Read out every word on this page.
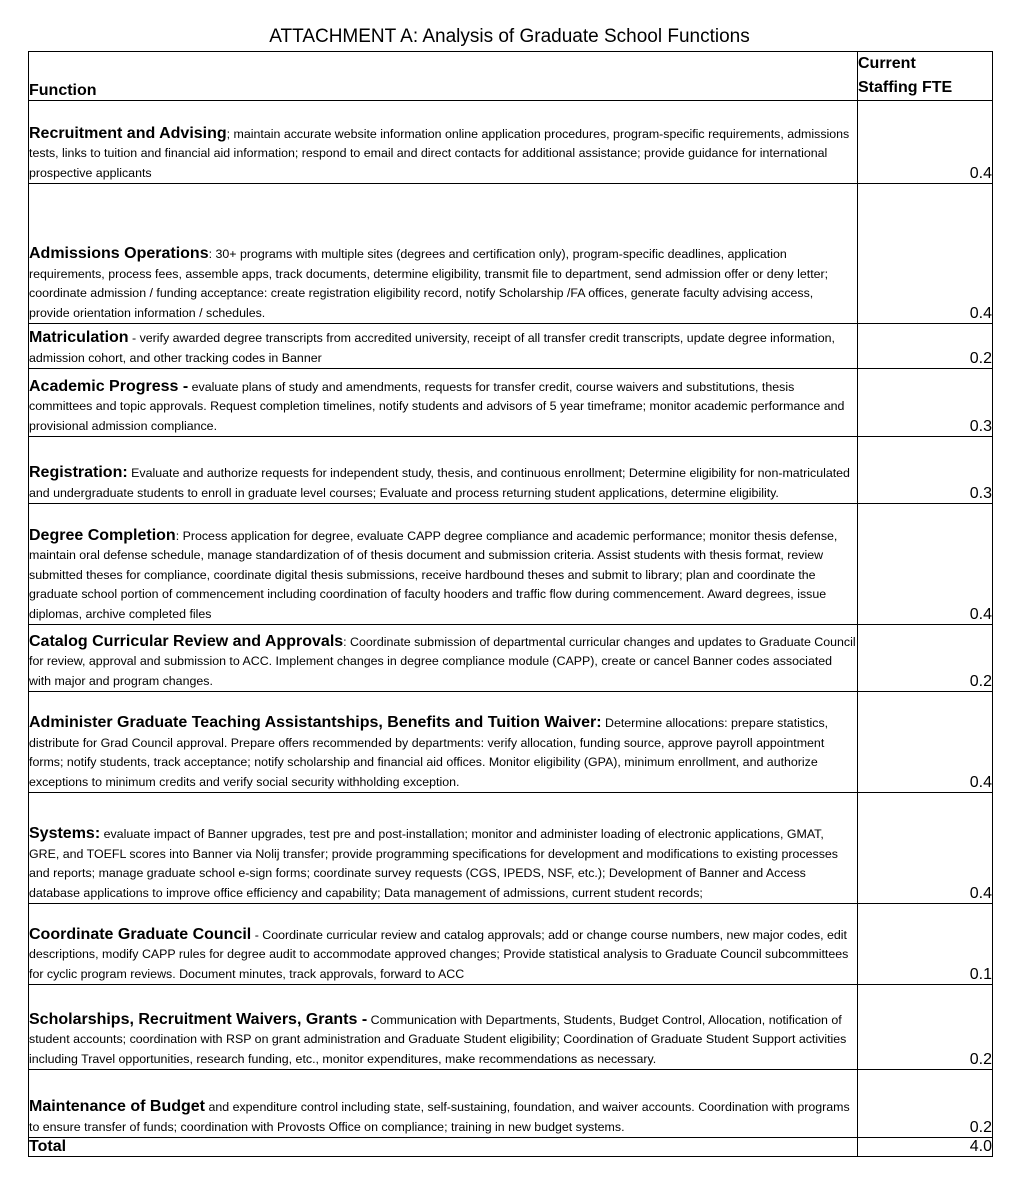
ATTACHMENT A: Analysis of Graduate School Functions
Function	Current
Staffing FTE

Recruitment and Advising; maintain accurate website information online application procedures, program-specific requirements, admissions tests, links to tuition and financial aid information; respond to email and direct contacts for additional assistance; provide guidance for international prospective applicants	0.4
Admissions Operations: 30+ programs with multiple sites (degrees and certification only), program-specific deadlines, application requirements, process fees, assemble apps, track documents, determine eligibility, transmit file to department, send admission offer or deny letter; coordinate admission / funding acceptance: create registration eligibility record, notify Scholarship /FA offices, generate faculty advising access, provide orientation information / schedules.	0.4
Matriculation - verify awarded degree transcripts from accredited university, receipt of all transfer credit transcripts, update degree information, admission cohort, and other tracking codes in Banner	0.2
Academic Progress - evaluate plans of study and amendments, requests for transfer credit, course waivers and substitutions, thesis committees and topic approvals. Request completion timelines, notify students and advisors of 5 year timeframe; monitor academic performance and provisional admission compliance.	0.3
Registration: Evaluate and authorize requests for independent study, thesis, and continuous enrollment; Determine eligibility for non-matriculated and undergraduate students to enroll in graduate level courses; Evaluate and process returning student applications, determine eligibility.	0.3
Degree Completion: Process application for degree, evaluate CAPP degree compliance and academic performance; monitor thesis defense, maintain oral defense schedule, manage standardization of of thesis document and submission criteria. Assist students with thesis format, review submitted theses for compliance, coordinate digital thesis submissions, receive hardbound theses and submit to library; plan and coordinate the graduate school portion of commencement including coordination of faculty hooders and traffic flow during commencement. Award degrees, issue diplomas, archive completed files	0.4
Catalog Curricular Review and Approvals: Coordinate submission of departmental curricular changes and updates to Graduate Council for review, approval and submission to ACC. Implement changes in degree compliance module (CAPP), create or cancel Banner codes associated with major and program changes.	0.2
Administer Graduate Teaching Assistantships, Benefits and Tuition Waiver: Determine allocations: prepare statistics, distribute for Grad Council approval. Prepare offers recommended by departments: verify allocation, funding source, approve payroll appointment forms; notify students, track acceptance; notify scholarship and financial aid offices. Monitor eligibility (GPA), minimum enrollment, and authorize exceptions to minimum credits and verify social security withholding exception.	0.4
Systems: evaluate impact of Banner upgrades, test pre and post-installation; monitor and administer loading of electronic applications, GMAT, GRE, and TOEFL scores into Banner via Nolij transfer; provide programming specifications for development and modifications to existing processes and reports; manage graduate school e-sign forms; coordinate survey requests (CGS, IPEDS, NSF, etc.); Development of Banner and Access database applications to improve office efficiency and capability; Data management of admissions, current student records;	0.4
Coordinate Graduate Council - Coordinate curricular review and catalog approvals; add or change course numbers, new major codes, edit descriptions, modify CAPP rules for degree audit to accommodate approved changes; Provide statistical analysis to Graduate Council subcommittees for cyclic program reviews. Document minutes, track approvals, forward to ACC	0.1
Scholarships, Recruitment Waivers, Grants - Communication with Departments, Students, Budget Control, Allocation, notification of student accounts; coordination with RSP on grant administration and Graduate Student eligibility; Coordination of Graduate Student Support activities including Travel opportunities, research funding, etc., monitor expenditures, make recommendations as necessary.	0.2
Maintenance of Budget and expenditure control including state, self-sustaining, foundation, and waiver accounts. Coordination with programs to ensure transfer of funds; coordination with Provosts Office on compliance; training in new budget systems.	0.2
Total	4.0
